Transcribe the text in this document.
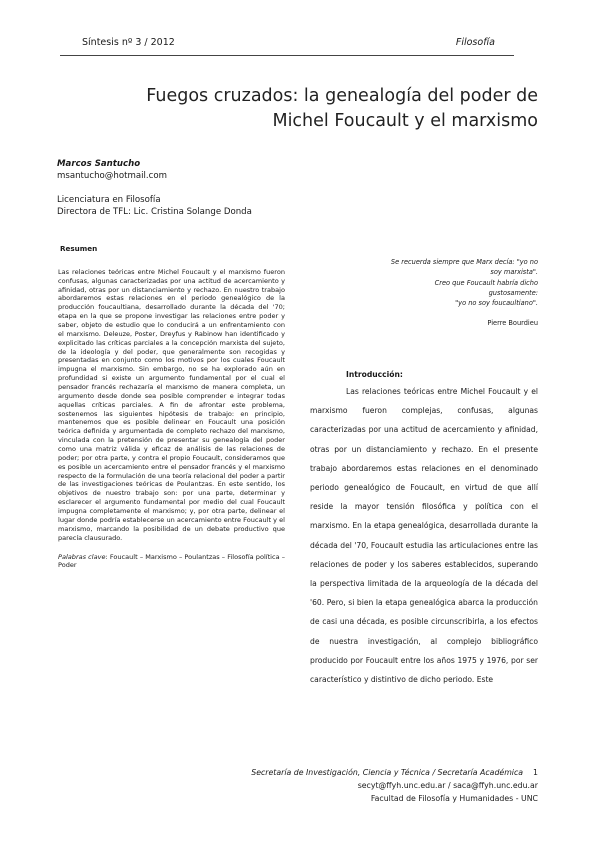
Síntesis nº 3 / 2012	Filosofía
Fuegos cruzados: la genealogía del poder de
Michel Foucault y el marxismo
Marcos Santucho
msantucho@hotmail.com
Licenciatura en Filosofía
Directora de TFL: Lic. Cristina Solange Donda
Resumen

Las relaciones teóricas entre Michel Foucault y el marxismo fueron confusas, algunas caracterizadas por una actitud de acercamiento y afinidad, otras por un distanciamiento y rechazo. En nuestro trabajo abordaremos estas relaciones en el periodo genealógico de la producción foucaultiana, desarrollado durante la década del '70; etapa en la que se propone investigar las relaciones entre poder y saber, objeto de estudio que lo conducirá a un enfrentamiento con el marxismo. Deleuze, Poster, Dreyfus y Rabinow han identificado y explicitado las críticas parciales a la concepción marxista del sujeto, de la ideología y del poder, que generalmente son recogidas y presentadas en conjunto como los motivos por los cuales Foucault impugna el marxismo. Sin embargo, no se ha explorado aún en profundidad si existe un argumento fundamental por el cual el pensador francés rechazaría el marxismo de manera completa, un argumento desde donde sea posible comprender e integrar todas aquellas críticas parciales. A fin de afrontar este problema, sostenemos las siguientes hipótesis de trabajo: en principio, mantenemos que es posible delinear en Foucault una posición teórica definida y argumentada de completo rechazo del marxismo, vinculada con la pretensión de presentar su genealogía del poder como una matriz válida y eficaz de análisis de las relaciones de poder; por otra parte, y contra el propio Foucault, consideramos que es posible un acercamiento entre el pensador francés y el marxismo respecto de la formulación de una teoría relacional del poder a partir de las investigaciones teóricas de Poulantzas. En este sentido, los objetivos de nuestro trabajo son: por una parte, determinar y esclarecer el argumento fundamental por medio del cual Foucault impugna completamente el marxismo; y, por otra parte, delinear el lugar donde podría establecerse un acercamiento entre Foucault y el marxismo, marcando la posibilidad de un debate productivo que parecía clausurado.

Palabras clave: Foucault – Marxismo – Poulantzas – Filosofía política – Poder

Se recuerda siempre que Marx decía: "yo no
soy marxista".
Creo que Foucault habría dicho
gustosamente:
"yo no soy foucaultiano".
Pierre Bourdieu
Introducción:

Las relaciones teóricas entre Michel Foucault y el marxismo fueron complejas, confusas, algunas caracterizadas por una actitud de acercamiento y afinidad, otras por un distanciamiento y rechazo. En el presente trabajo abordaremos estas relaciones en el denominado periodo genealógico de Foucault, en virtud de que allí reside la mayor tensión filosófica y política con el marxismo. En la etapa genealógica, desarrollada durante la década del '70, Foucault estudia las articulaciones entre las relaciones de poder y los saberes establecidos, superando la perspectiva limitada de la arqueología de la década del '60. Pero, si bien la etapa genealógica abarca la producción de casi una década, es posible circunscribirla, a los efectos de nuestra investigación, al complejo bibliográfico producido por Foucault entre los años 1975 y 1976, por ser característico y distintivo de dicho periodo. Este

Secretaría de Investigación, Ciencia y Técnica / Secretaría Académica 1
secyt@ffyh.unc.edu.ar / saca@ffyh.unc.edu.ar
Facultad de Filosofía y Humanidades - UNC
